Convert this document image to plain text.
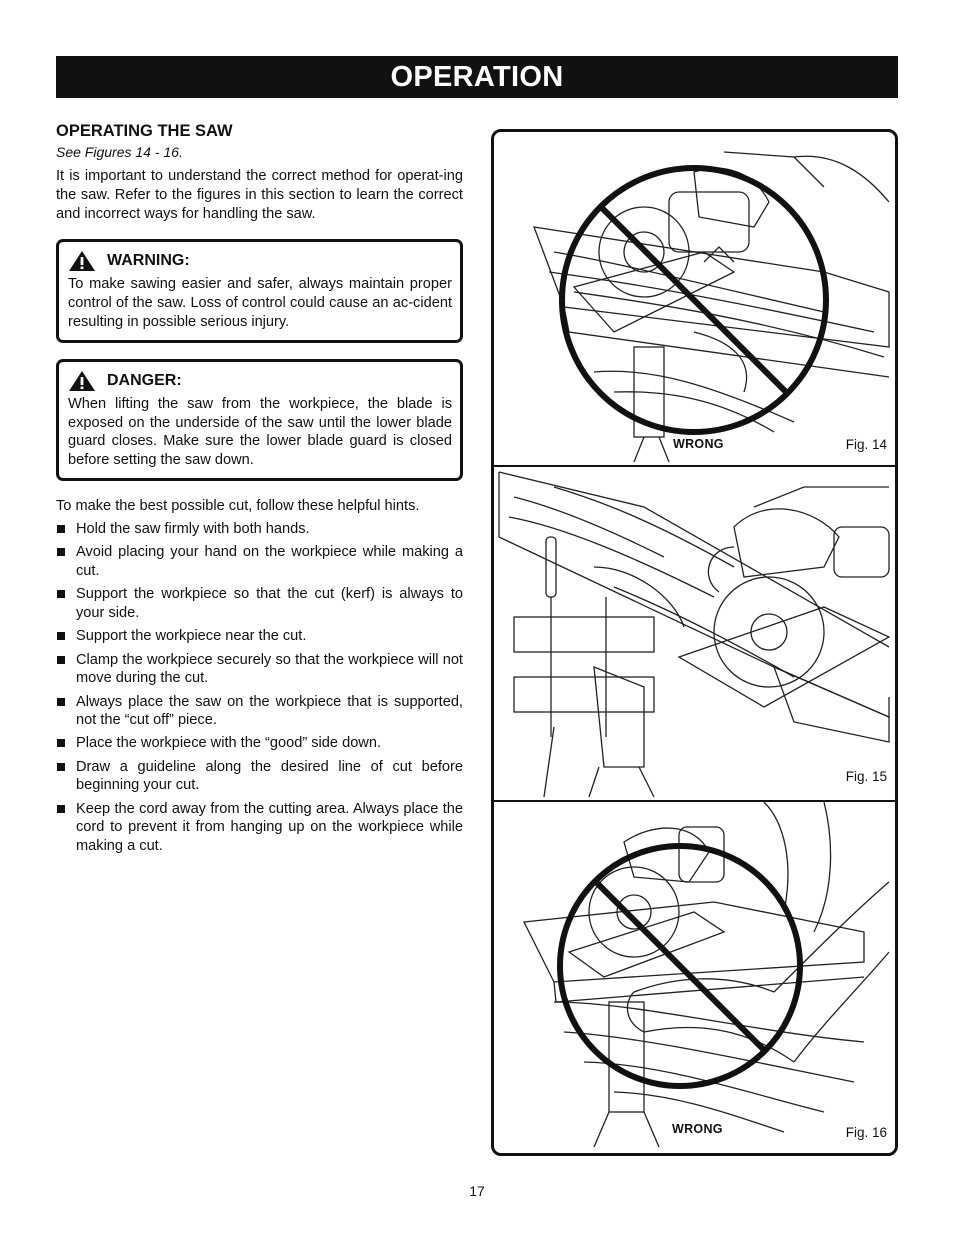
OPERATION
OPERATING THE SAW
See Figures 14 - 16.

It is important to understand the correct method for operat-ing the saw. Refer to the figures in this section to learn the correct and incorrect ways for handling the saw.

WARNING:

To make sawing easier and safer, always maintain proper control of the saw. Loss of control could cause an ac-cident resulting in possible serious injury.

DANGER:

When lifting the saw from the workpiece, the blade is exposed on the underside of the saw until the lower blade guard closes. Make sure the lower blade guard is closed before setting the saw down.

To make the best possible cut, follow these helpful hints.
Hold the saw firmly with both hands.
Avoid placing your hand on the workpiece while making a cut.
Support the workpiece so that the cut (kerf) is always to your side.
Support the workpiece near the cut.
Clamp the workpiece securely so that the workpiece will not move during the cut.
Always place the saw on the workpiece that is supported, not the “cut off” piece.
Place the workpiece with the “good” side down.
Draw a guideline along the desired line of cut before beginning your cut.
Keep the cord away from the cutting area. Always place the cord to prevent it from hanging up on the workpiece while making a cut.
WRONG	Fig. 14
Fig. 15
WRONG	Fig. 16
17
